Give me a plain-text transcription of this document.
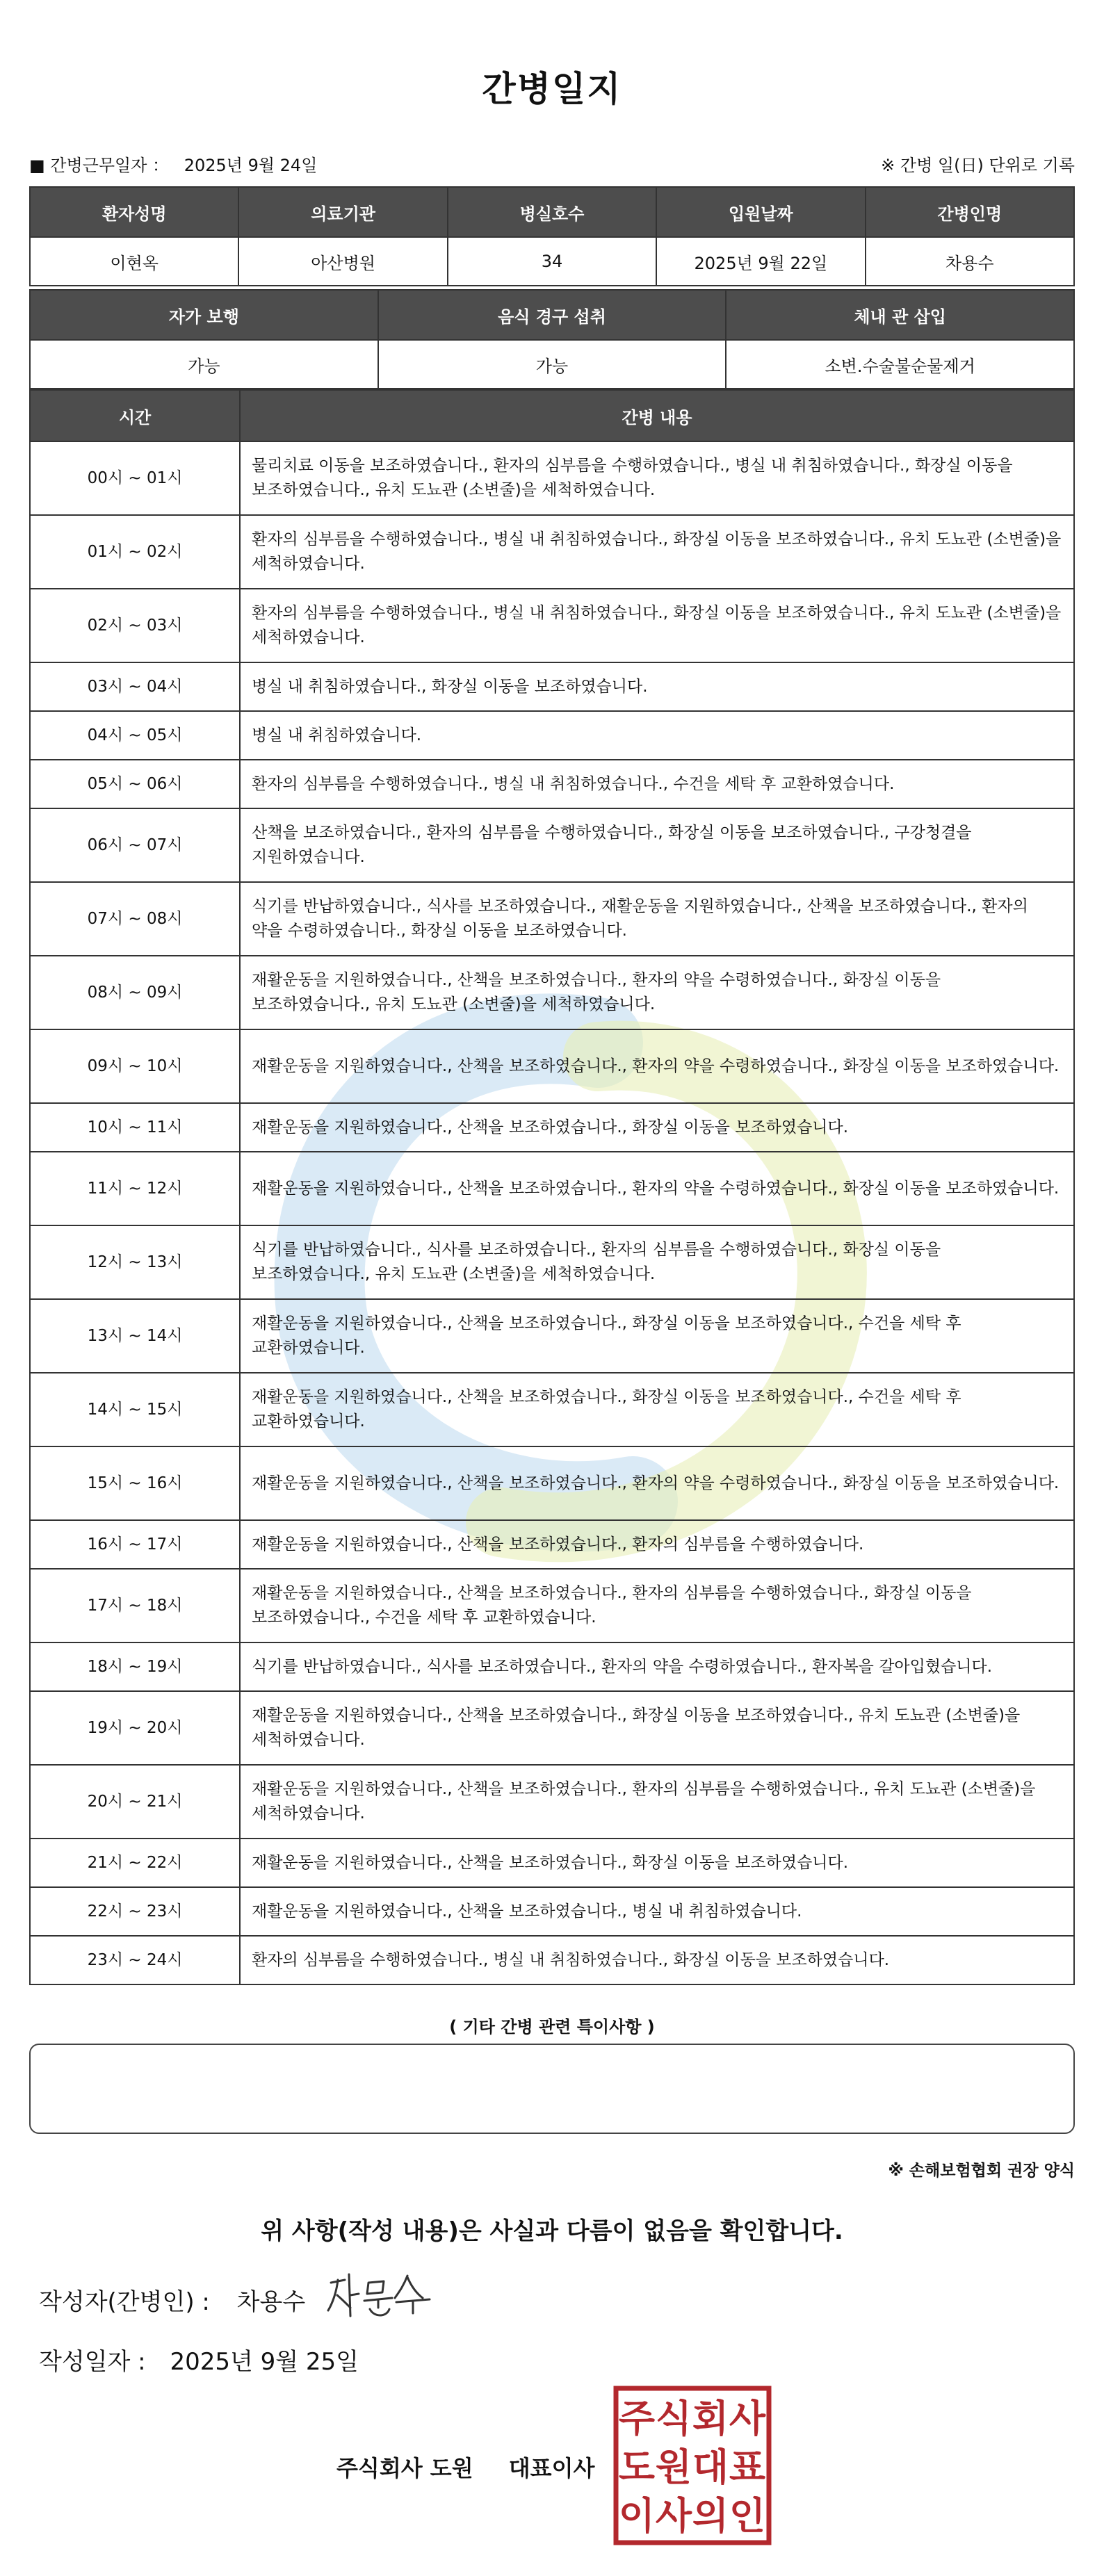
간병일지
■ 간병근무일자 ： 2025년 9월 24일	※ 간병 일(日) 단위로 기록
환자성명	의료기관	병실호수	입원날짜	간병인명
이현옥	아산병원	34	2025년 9월 22일	차용수
자가 보행	음식 경구 섭취	체내 관 삽입
가능	가능	소변.수술불순물제거
시간	간병 내용
00시 ~ 01시	물리치료 이동을 보조하였습니다., 환자의 심부름을 수행하였습니다., 병실 내 취침하였습니다., 화장실 이동을 보조하였습니다., 유치 도뇨관 (소변줄)을 세척하였습니다.
01시 ~ 02시	환자의 심부름을 수행하였습니다., 병실 내 취침하였습니다., 화장실 이동을 보조하였습니다., 유치 도뇨관 (소변줄)을 세척하였습니다.
02시 ~ 03시	환자의 심부름을 수행하였습니다., 병실 내 취침하였습니다., 화장실 이동을 보조하였습니다., 유치 도뇨관 (소변줄)을 세척하였습니다.
03시 ~ 04시	병실 내 취침하였습니다., 화장실 이동을 보조하였습니다.
04시 ~ 05시	병실 내 취침하였습니다.
05시 ~ 06시	환자의 심부름을 수행하였습니다., 병실 내 취침하였습니다., 수건을 세탁 후 교환하였습니다.
06시 ~ 07시	산책을 보조하였습니다., 환자의 심부름을 수행하였습니다., 화장실 이동을 보조하였습니다., 구강청결을 지원하였습니다.
07시 ~ 08시	식기를 반납하였습니다., 식사를 보조하였습니다., 재활운동을 지원하였습니다., 산책을 보조하였습니다., 환자의 약을 수령하였습니다., 화장실 이동을 보조하였습니다.
08시 ~ 09시	재활운동을 지원하였습니다., 산책을 보조하였습니다., 환자의 약을 수령하였습니다., 화장실 이동을 보조하였습니다., 유치 도뇨관 (소변줄)을 세척하였습니다.
09시 ~ 10시	재활운동을 지원하였습니다., 산책을 보조하였습니다., 환자의 약을 수령하였습니다., 화장실 이동을 보조하였습니다.
10시 ~ 11시	재활운동을 지원하였습니다., 산책을 보조하였습니다., 화장실 이동을 보조하였습니다.
11시 ~ 12시	재활운동을 지원하였습니다., 산책을 보조하였습니다., 환자의 약을 수령하였습니다., 화장실 이동을 보조하였습니다.
12시 ~ 13시	식기를 반납하였습니다., 식사를 보조하였습니다., 환자의 심부름을 수행하였습니다., 화장실 이동을 보조하였습니다., 유치 도뇨관 (소변줄)을 세척하였습니다.
13시 ~ 14시	재활운동을 지원하였습니다., 산책을 보조하였습니다., 화장실 이동을 보조하였습니다., 수건을 세탁 후 교환하였습니다.
14시 ~ 15시	재활운동을 지원하였습니다., 산책을 보조하였습니다., 화장실 이동을 보조하였습니다., 수건을 세탁 후 교환하였습니다.
15시 ~ 16시	재활운동을 지원하였습니다., 산책을 보조하였습니다., 환자의 약을 수령하였습니다., 화장실 이동을 보조하였습니다.
16시 ~ 17시	재활운동을 지원하였습니다., 산책을 보조하였습니다., 환자의 심부름을 수행하였습니다.
17시 ~ 18시	재활운동을 지원하였습니다., 산책을 보조하였습니다., 환자의 심부름을 수행하였습니다., 화장실 이동을 보조하였습니다., 수건을 세탁 후 교환하였습니다.
18시 ~ 19시	식기를 반납하였습니다., 식사를 보조하였습니다., 환자의 약을 수령하였습니다., 환자복을 갈아입혔습니다.
19시 ~ 20시	재활운동을 지원하였습니다., 산책을 보조하였습니다., 화장실 이동을 보조하였습니다., 유치 도뇨관 (소변줄)을 세척하였습니다.
20시 ~ 21시	재활운동을 지원하였습니다., 산책을 보조하였습니다., 환자의 심부름을 수행하였습니다., 유치 도뇨관 (소변줄)을 세척하였습니다.
21시 ~ 22시	재활운동을 지원하였습니다., 산책을 보조하였습니다., 화장실 이동을 보조하였습니다.
22시 ~ 23시	재활운동을 지원하였습니다., 산책을 보조하였습니다., 병실 내 취침하였습니다.
23시 ~ 24시	환자의 심부름을 수행하였습니다., 병실 내 취침하였습니다., 화장실 이동을 보조하였습니다.
( 기타 간병 관련 특이사항 )
※ 손해보험협회 권장 양식
위 사항(작성 내용)은 사실과 다름이 없음을 확인합니다.
작성자(간병인) : 차용수
작성일자 : 2025년 9월 25일
주식회사 도원 대표이사
주 식 회 사
도 원 대 표
이 사 의 인
